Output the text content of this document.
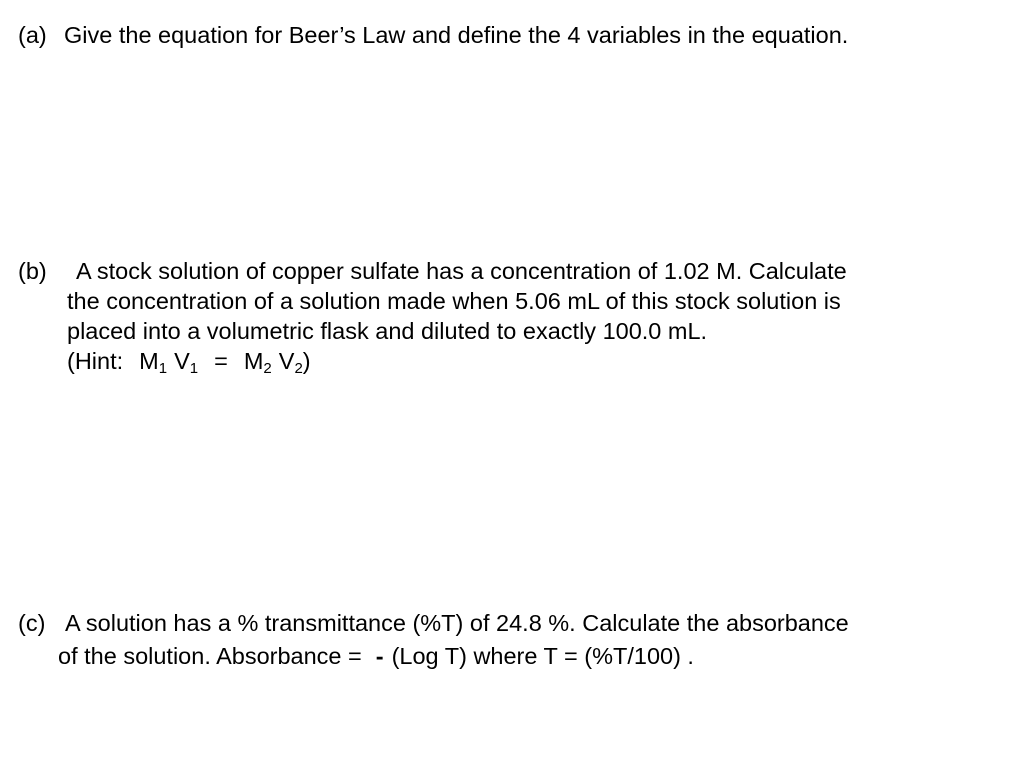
(a) Give the equation for Beer’s Law and define the 4 variables in the equation.
(b) A stock solution of copper sulfate has a concentration of 1.02 M. Calculate
the concentration of a solution made when 5.06 mL of this stock solution is
placed into a volumetric flask and diluted to exactly 100.0 mL.
(Hint: $M_1$ $V_1 = M_2$ $V_2$)
(c) A solution has a % transmittance (%T) of 24.8 %. Calculate the absorbance
of the solution. Absorbance = - (Log T) where T = (%T/100) .
